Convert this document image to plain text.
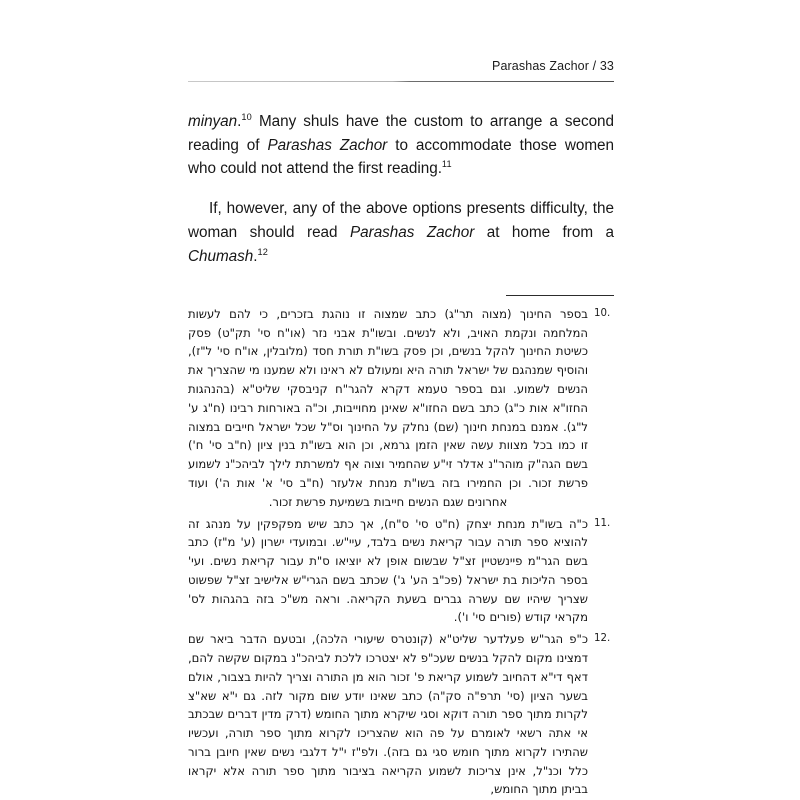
Parashas Zachor / 33

minyan.$^{10}$ Many shuls have the custom to arrange a second reading of Parashas Zachor to accommodate those women who could not attend the first reading.$^{11}$

If, however, any of the above options presents difficulty, the woman should read Parashas Zachor at home from a Chumash.$^{12}$

10.
בספר החינוך (מצוה תר"ג) כתב שמצוה זו נוהגת בזכרים, כי להם לעשות המלחמה ונקמת האויב, ולא לנשים. ובשו"ת אבני נזר (או"ח סי' תק"ט) פסק כשיטת החינוך להקל בנשים, וכן פסק בשו"ת תורת חסד (מלובלין, או"ח סי' ל"ז), והוסיף שמנהגם של ישראל תורה היא ומעולם לא ראינו ולא שמענו מי שהצריך את הנשים לשמוע. וגם בספר טעמא דקרא להגר"ח קניבסקי שליט"א (בהנהגות החזו"א אות כ"ג) כתב בשם החזו"א שאינן מחוייבות, וכ"ה באורחות רבינו (ח"ג ע' ל"ג). אמנם במנחת חינוך (שם) נחלק על החינוך וס"ל שכל ישראל חייבים במצוה זו כמו בכל מצוות עשה שאין הזמן גרמא, וכן הוא בשו"ת בנין ציון (ח"ב סי' ח') בשם הגה"ק מוהר"נ אדלר זי"ע שהחמיר וצוה אף למשרתת לילך לביהכ"נ לשמוע פרשת זכור. וכן החמירו בזה בשו"ת מנחת אלעזר (ח"ב סי' א' אות ה') ועוד אחרונים שגם הנשים חייבות בשמיעת פרשת זכור.
11.
כ"ה בשו"ת מנחת יצחק (ח"ט סי' ס"ח), אך כתב שיש מפקפקין על מנהג זה להוציא ספר תורה עבור קריאת נשים בלבד, עיי"ש. ובמועדי ישרון (ע' מ"ז) כתב בשם הגר"מ פיינשטיין זצ"ל שבשום אופן לא יוציאו ס"ת עבור קריאת נשים. ועי' בספר הליכות בת ישראל (פכ"ב הע' ג') שכתב בשם הגרי"ש אלישיב זצ"ל שפשוט שצריך שיהיו שם עשרה גברים בשעת הקריאה. וראה מש"כ בזה בהגהות לס' מקראי קודש (פורים סי' ו').
12.
כ"פ הגר"ש פעלדער שליט"א (קונטרס שיעורי הלכה), ובטעם הדבר ביאר שם דמצינו מקום להקל בנשים שעכ"פ לא יצטרכו ללכת לביהכ"נ במקום שקשה להם, דאף די"א דהחיוב לשמוע קריאת פ' זכור הוא מן התורה וצריך להיות בצבור, אולם בשער הציון (סי' תרפ"ה סק"ה) כתב שאינו יודע שום מקור לזה. גם י"א שא"צ לקרות מתוך ספר תורה דוקא וסגי שיקרא מתוך החומש (דרק מדין דברים שבכתב אי אתה רשאי לאומרם על פה הוא שהצריכו לקרוא מתוך ספר תורה, ועכשיו שהתירו לקרוא מתוך חומש סגי גם בזה). ולפ"ז י"ל דלגבי נשים שאין חיובן ברור כלל וכנ"ל, אינן צריכות לשמוע הקריאה בציבור מתוך ספר תורה אלא יקראו בביתן מתוך החומש,
